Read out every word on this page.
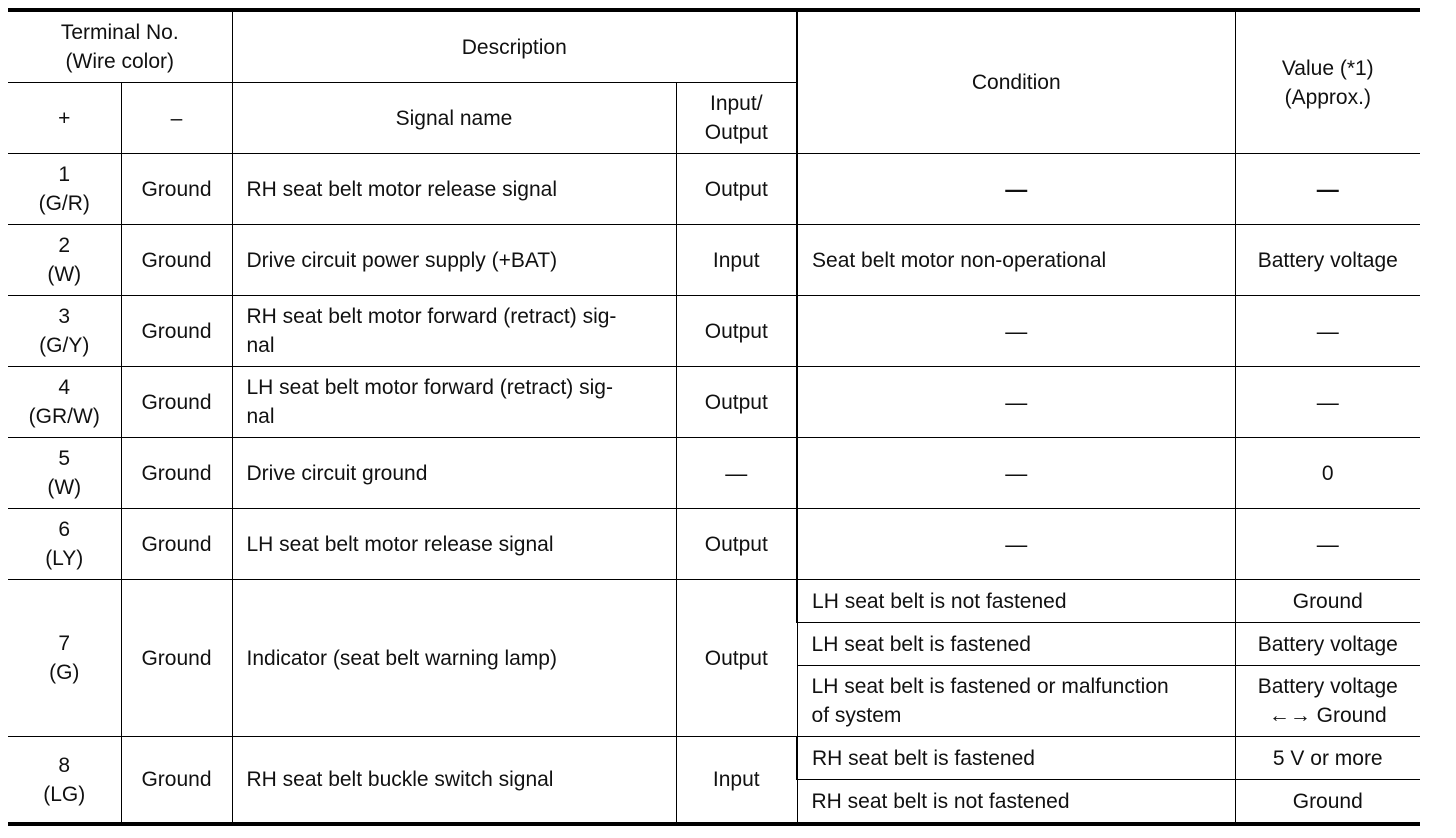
Terminal No.
(Wire color)		Description		Condition	Value (*1)
(Approx.)
+	–	Signal name	Input/
Output		
1
(G/R)	Ground	RH seat belt motor release signal	Output	—	—
2
(W)	Ground	Drive circuit power supply (+BAT)	Input	Seat belt motor non-operational	Battery voltage
3
(G/Y)	Ground	RH seat belt motor forward (retract) sig-
nal	Output	—	—
4
(GR/W)	Ground	LH seat belt motor forward (retract) sig-
nal	Output	—	—
5
(W)	Ground	Drive circuit ground	—	—	0
6
(LY)	Ground	LH seat belt motor release signal	Output	—	—
7
(G)	Ground	Indicator (seat belt warning lamp)	Output	LH seat belt is not fastened	Ground
				LH seat belt is fastened	Battery voltage
				LH seat belt is fastened or malfunction
of system	Battery voltage
←→ Ground
8
(LG)	Ground	RH seat belt buckle switch signal	Input	RH seat belt is fastened	5 V or more
				RH seat belt is not fastened	Ground
